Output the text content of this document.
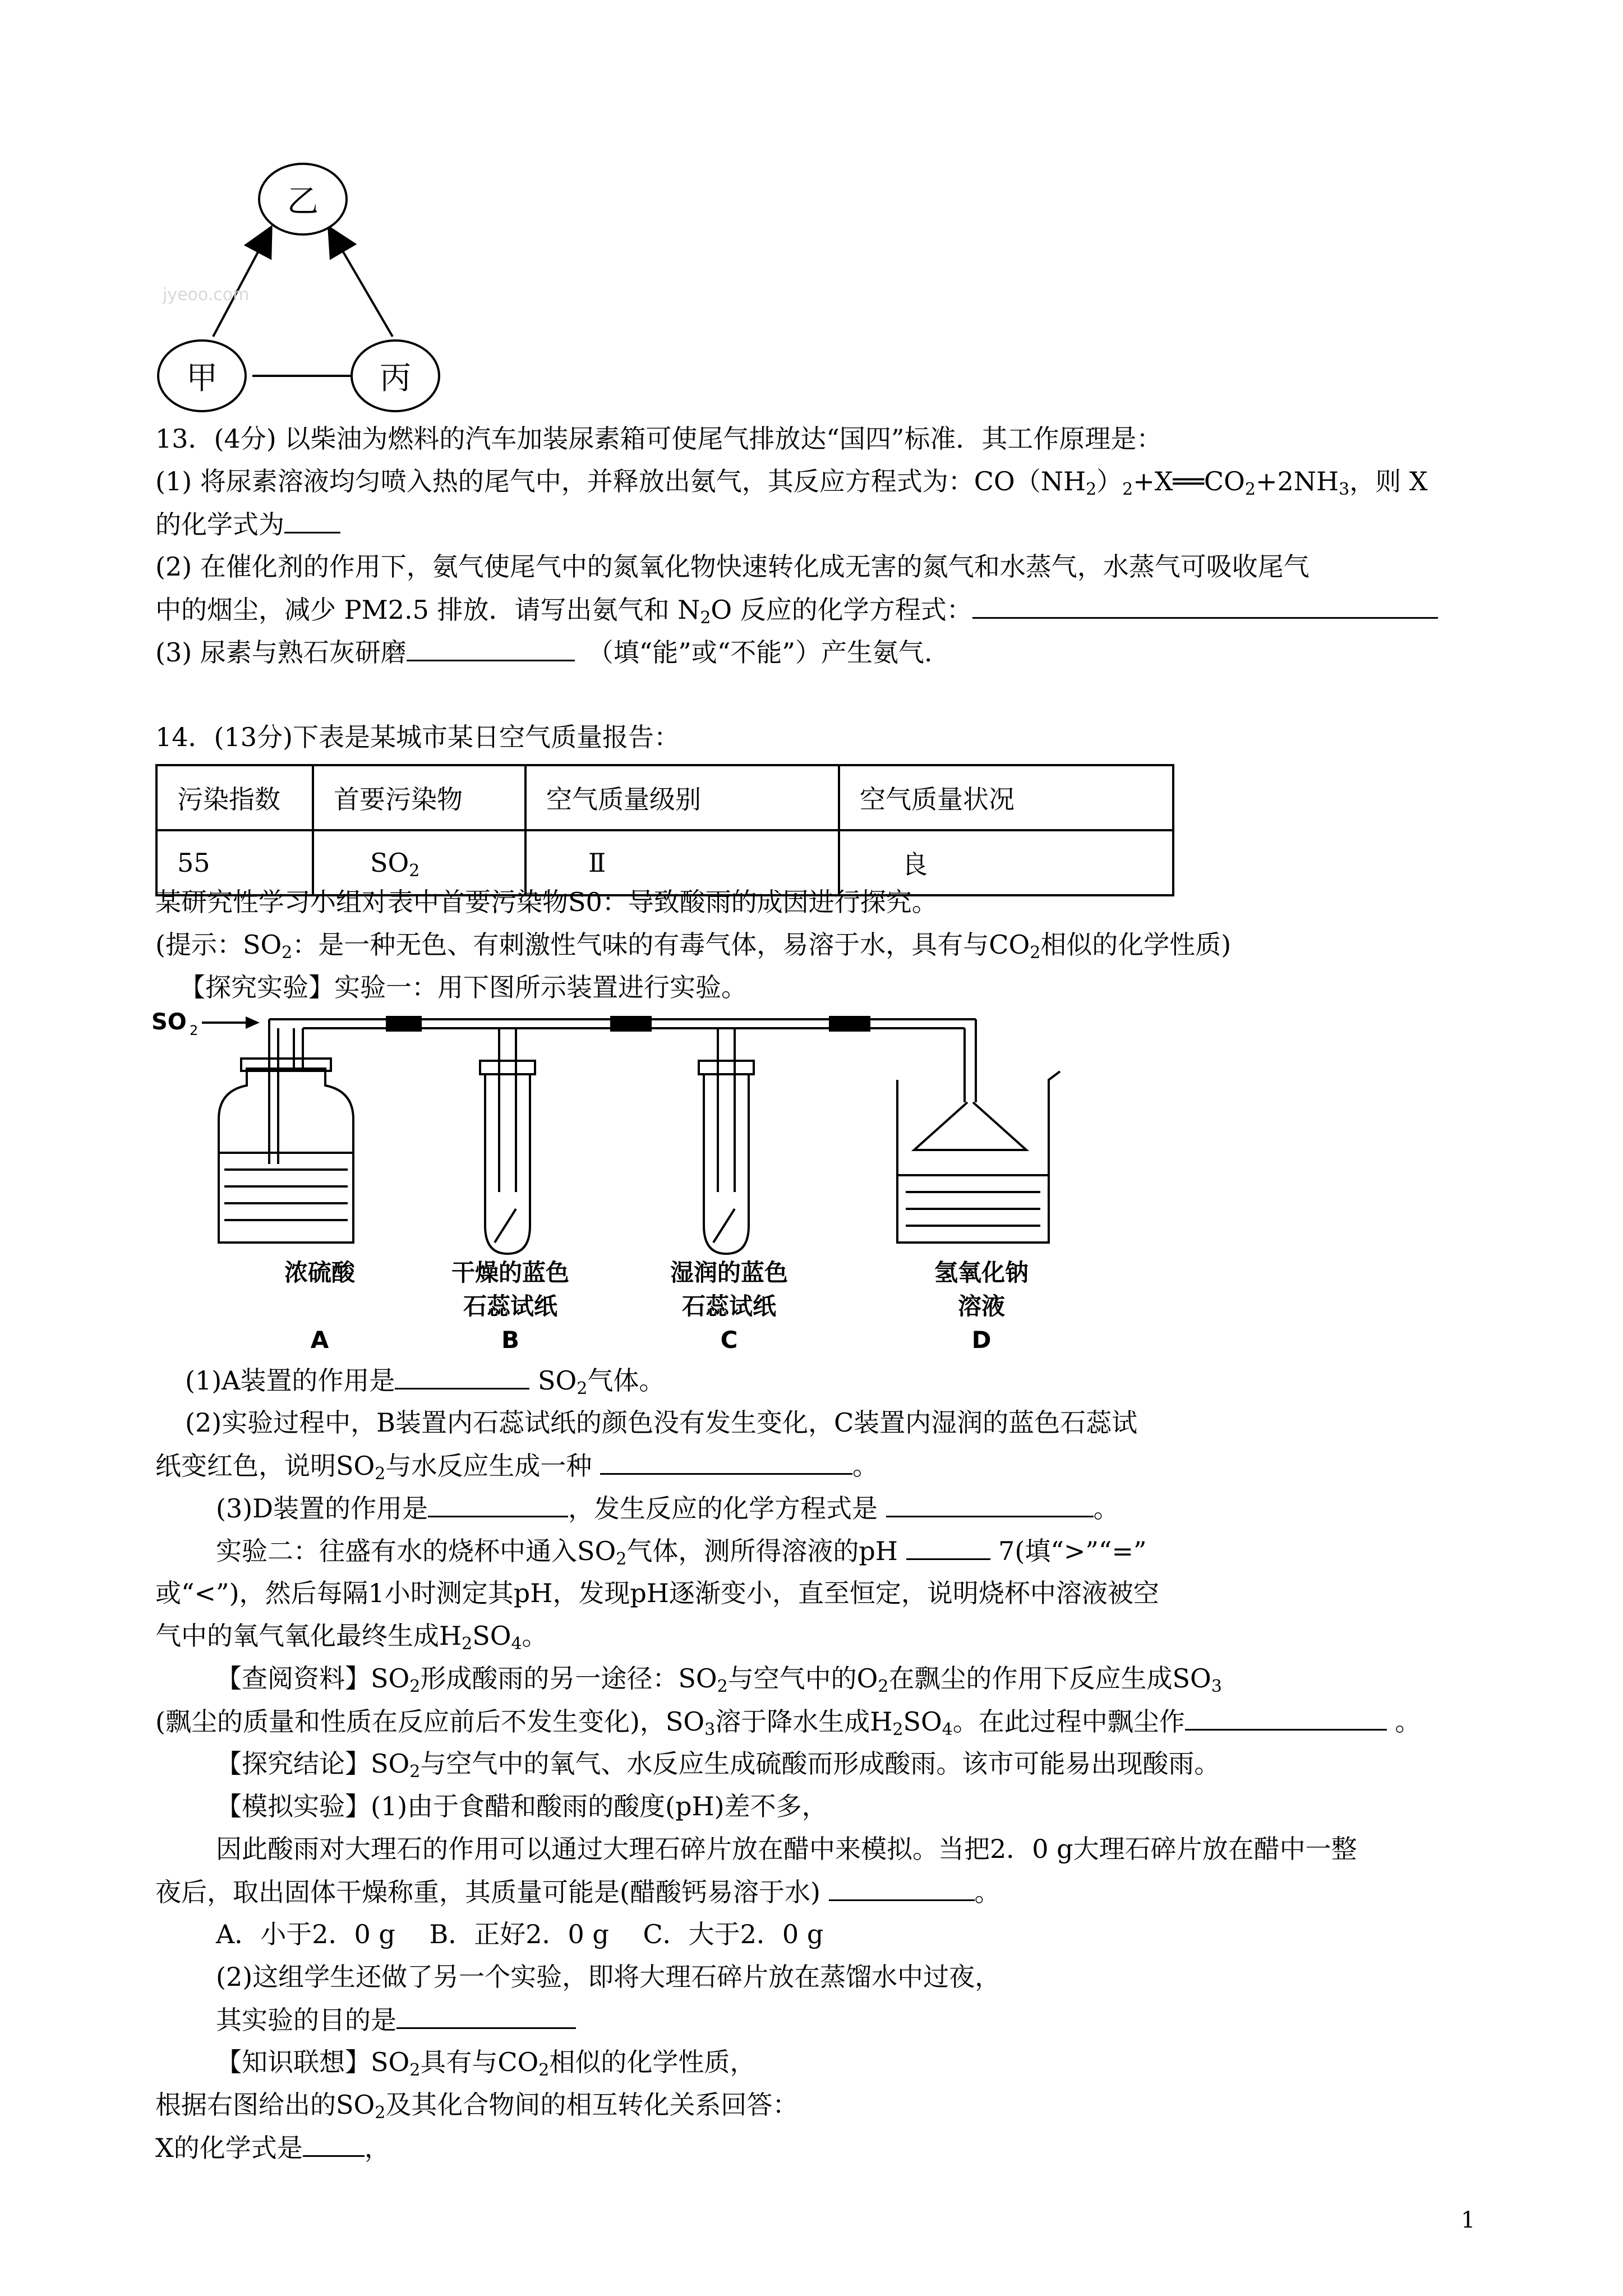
乙
甲	丙
jyeoo.com
13．(4分) 以柴油为燃料的汽车加装尿素箱可使尾气排放达“国四”标准．其工作原理是：
(1) 将尿素溶液均匀喷入热的尾气中，并释放出氨气，其反应方程式为：$CO(NH_2)_2+X══CO_2+2NH_3$，则 X
的化学式为
(2) 在催化剂的作用下，氨气使尾气中的氮氧化物快速转化成无害的氮气和水蒸气，水蒸气可吸收尾气
中的烟尘，减少 PM2.5 排放．请写出氨气和 $N_2O$ 反应的化学方程式：
(3) 尿素与熟石灰研磨　	（填“能”或“不能”）产生氨气.
14．(13分)下表是某城市某日空气质量报告：
污染指数	首要污染物	空气质量级别	空气质量状况
55	$SO_2$	Ⅱ	良
某研究性学习小组对表中首要污染物S0：导致酸雨的成因进行探究。
(提示：$SO_2$：是一种无色、有刺激性气味的有毒气体，易溶于水，具有与$CO_2$相似的化学性质)
【探究实验】实验一：用下图所示装置进行实验。
SO 2
浓硫酸	干燥的蓝色
石蕊试纸
湿润的蓝色
石蕊试纸
氢氧化钠
溶液
A	B	C	D
(1)A装置的作用是	$SO_2$气体。
(2)实验过程中，B装置内石蕊试纸的颜色没有发生变化，C装置内湿润的蓝色石蕊试
纸变红色，说明$SO_2$与水反应生成一种	。
(3)D装置的作用是	，发生反应的化学方程式是	。
实验二：往盛有水的烧杯中通入$SO_2$气体，测所得溶液的pH	7(填“>”“=”
或“<”)，然后每隔1小时测定其pH，发现pH逐渐变小，直至恒定，说明烧杯中溶液被空
气中的氧气氧化最终生成$H_2SO_4$。
【查阅资料】$SO_2$形成酸雨的另一途径：$SO_2$与空气中的$O_2$在飘尘的作用下反应生成$SO_3$
(飘尘的质量和性质在反应前后不发生变化)，$SO_3$溶于降水生成$H_2SO_4$。在此过程中飘尘作	。
【探究结论】$SO_2$与空气中的氧气、水反应生成硫酸而形成酸雨。该市可能易出现酸雨。
【模拟实验】(1)由于食醋和酸雨的酸度(pH)差不多，
因此酸雨对大理石的作用可以通过大理石碎片放在醋中来模拟。当把2．0 g大理石碎片放在醋中一整
夜后，取出固体干燥称重，其质量可能是(醋酸钙易溶于水)	。
A．小于2．0 g　 B．正好2．0 g　 C．大于2．0 g
(2)这组学生还做了另一个实验，即将大理石碎片放在蒸馏水中过夜，
其实验的目的是
【知识联想】$SO_2$具有与$CO_2$相似的化学性质，
根据右图给出的$SO_2$及其化合物间的相互转化关系回答：
X的化学式是 ，
1
